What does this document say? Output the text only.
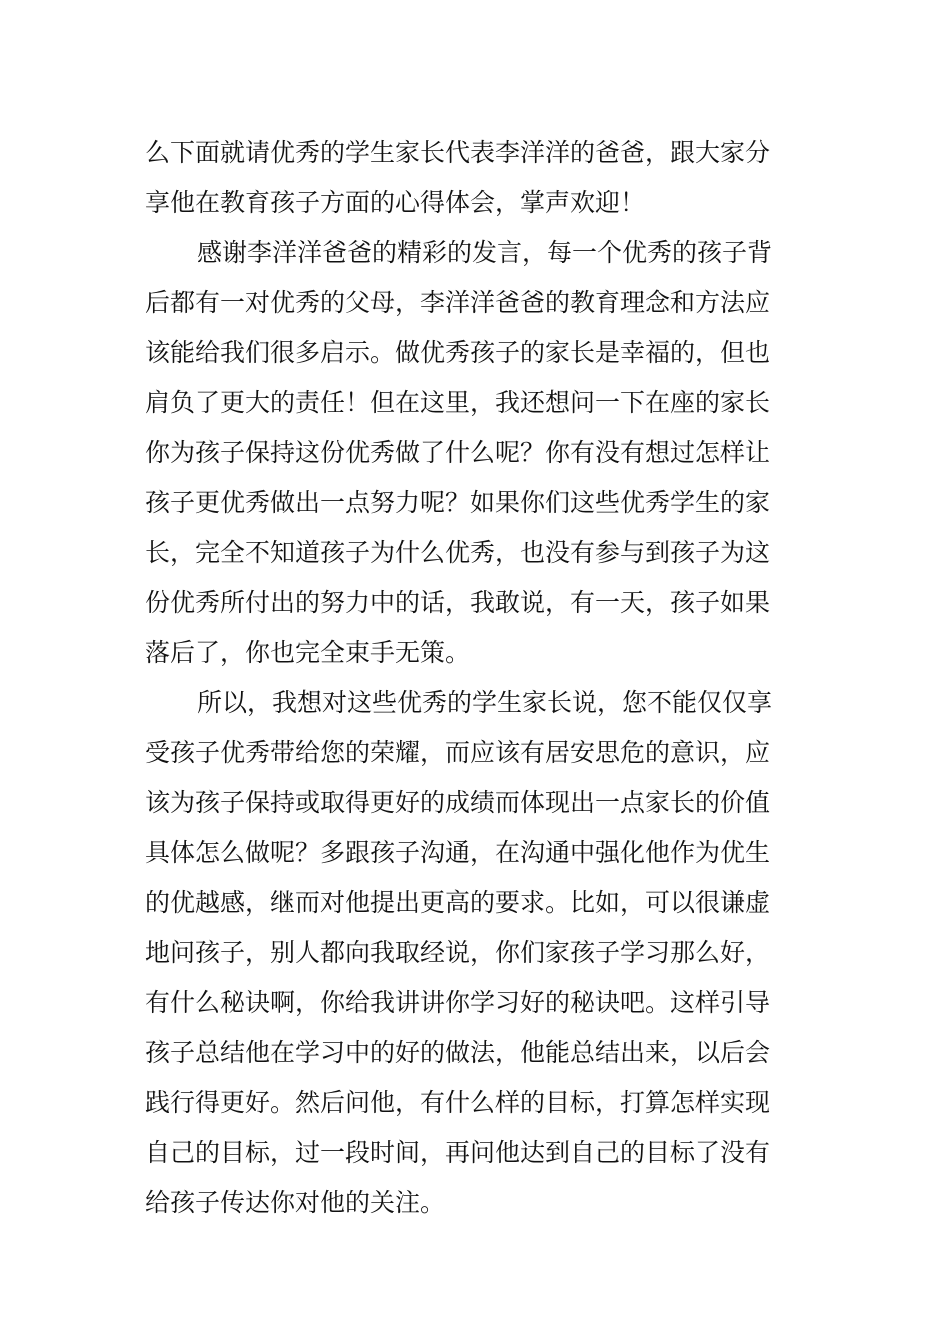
么下面就请优秀的学生家长代表李洋洋的爸爸，跟大家分
享他在教育孩子方面的心得体会，掌声欢迎！
感谢李洋洋爸爸的精彩的发言，每一个优秀的孩子背
后都有一对优秀的父母，李洋洋爸爸的教育理念和方法应
该能给我们很多启示。做优秀孩子的家长是幸福的，但也
肩负了更大的责任！但在这里，我还想问一下在座的家长
你为孩子保持这份优秀做了什么呢？你有没有想过怎样让
孩子更优秀做出一点努力呢？如果你们这些优秀学生的家
长，完全不知道孩子为什么优秀，也没有参与到孩子为这
份优秀所付出的努力中的话，我敢说，有一天，孩子如果
落后了，你也完全束手无策。
所以，我想对这些优秀的学生家长说，您不能仅仅享
受孩子优秀带给您的荣耀，而应该有居安思危的意识，应
该为孩子保持或取得更好的成绩而体现出一点家长的价值
具体怎么做呢？多跟孩子沟通，在沟通中强化他作为优生
的优越感，继而对他提出更高的要求。比如，可以很谦虚
地问孩子，别人都向我取经说，你们家孩子学习那么好，
有什么秘诀啊，你给我讲讲你学习好的秘诀吧。这样引导
孩子总结他在学习中的好的做法，他能总结出来，以后会
践行得更好。然后问他，有什么样的目标，打算怎样实现
自己的目标，过一段时间，再问他达到自己的目标了没有
给孩子传达你对他的关注。
